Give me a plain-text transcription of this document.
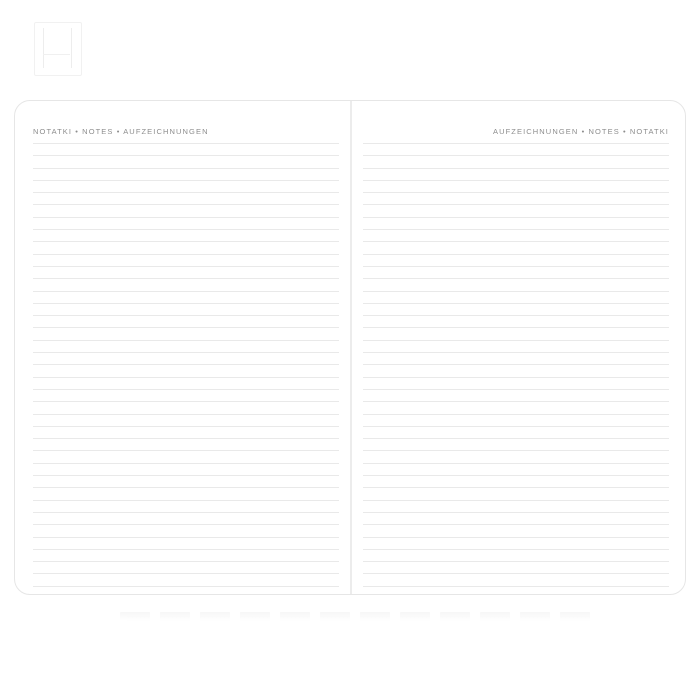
NOTATKI • NOTES • AUFZEICHNUNGEN	AUFZEICHNUNGEN • NOTES • NOTATKI
